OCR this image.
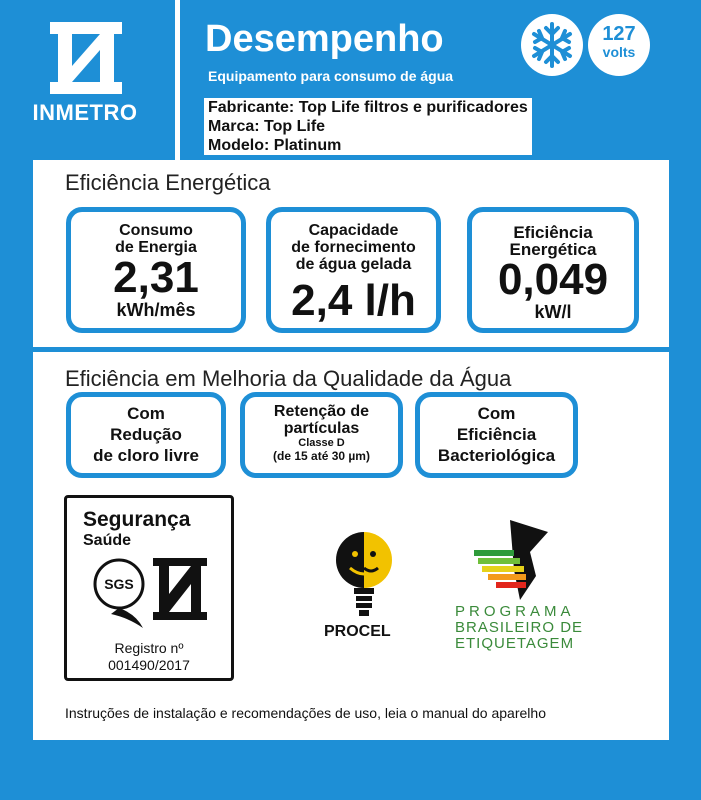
INMETRO
Desempenho
Equipamento para consumo de água
127
volts
Fabricante: Top Life filtros e purificadores
Marca: Top Life
Modelo: Platinum
Eficiência Energética
Consumo
de Energia
2,31
kWh/mês
Capacidade
de fornecimento
de água gelada
2,4 l/h
Eficiência
Energética
0,049
kW/l
Eficiência em Melhoria da Qualidade da Água
Com
Redução
de cloro livre
Retenção de
partículas
Classe D
(de 15 até 30 µm)
Com
Eficiência
Bacteriológica
Segurança
Saúde
SGS
Registro nº
001490/2017
PROCEL
PROGRAMA
BRASILEIRO DE
ETIQUETAGEM
Instruções de instalação e recomendações de uso, leia o manual do aparelho
